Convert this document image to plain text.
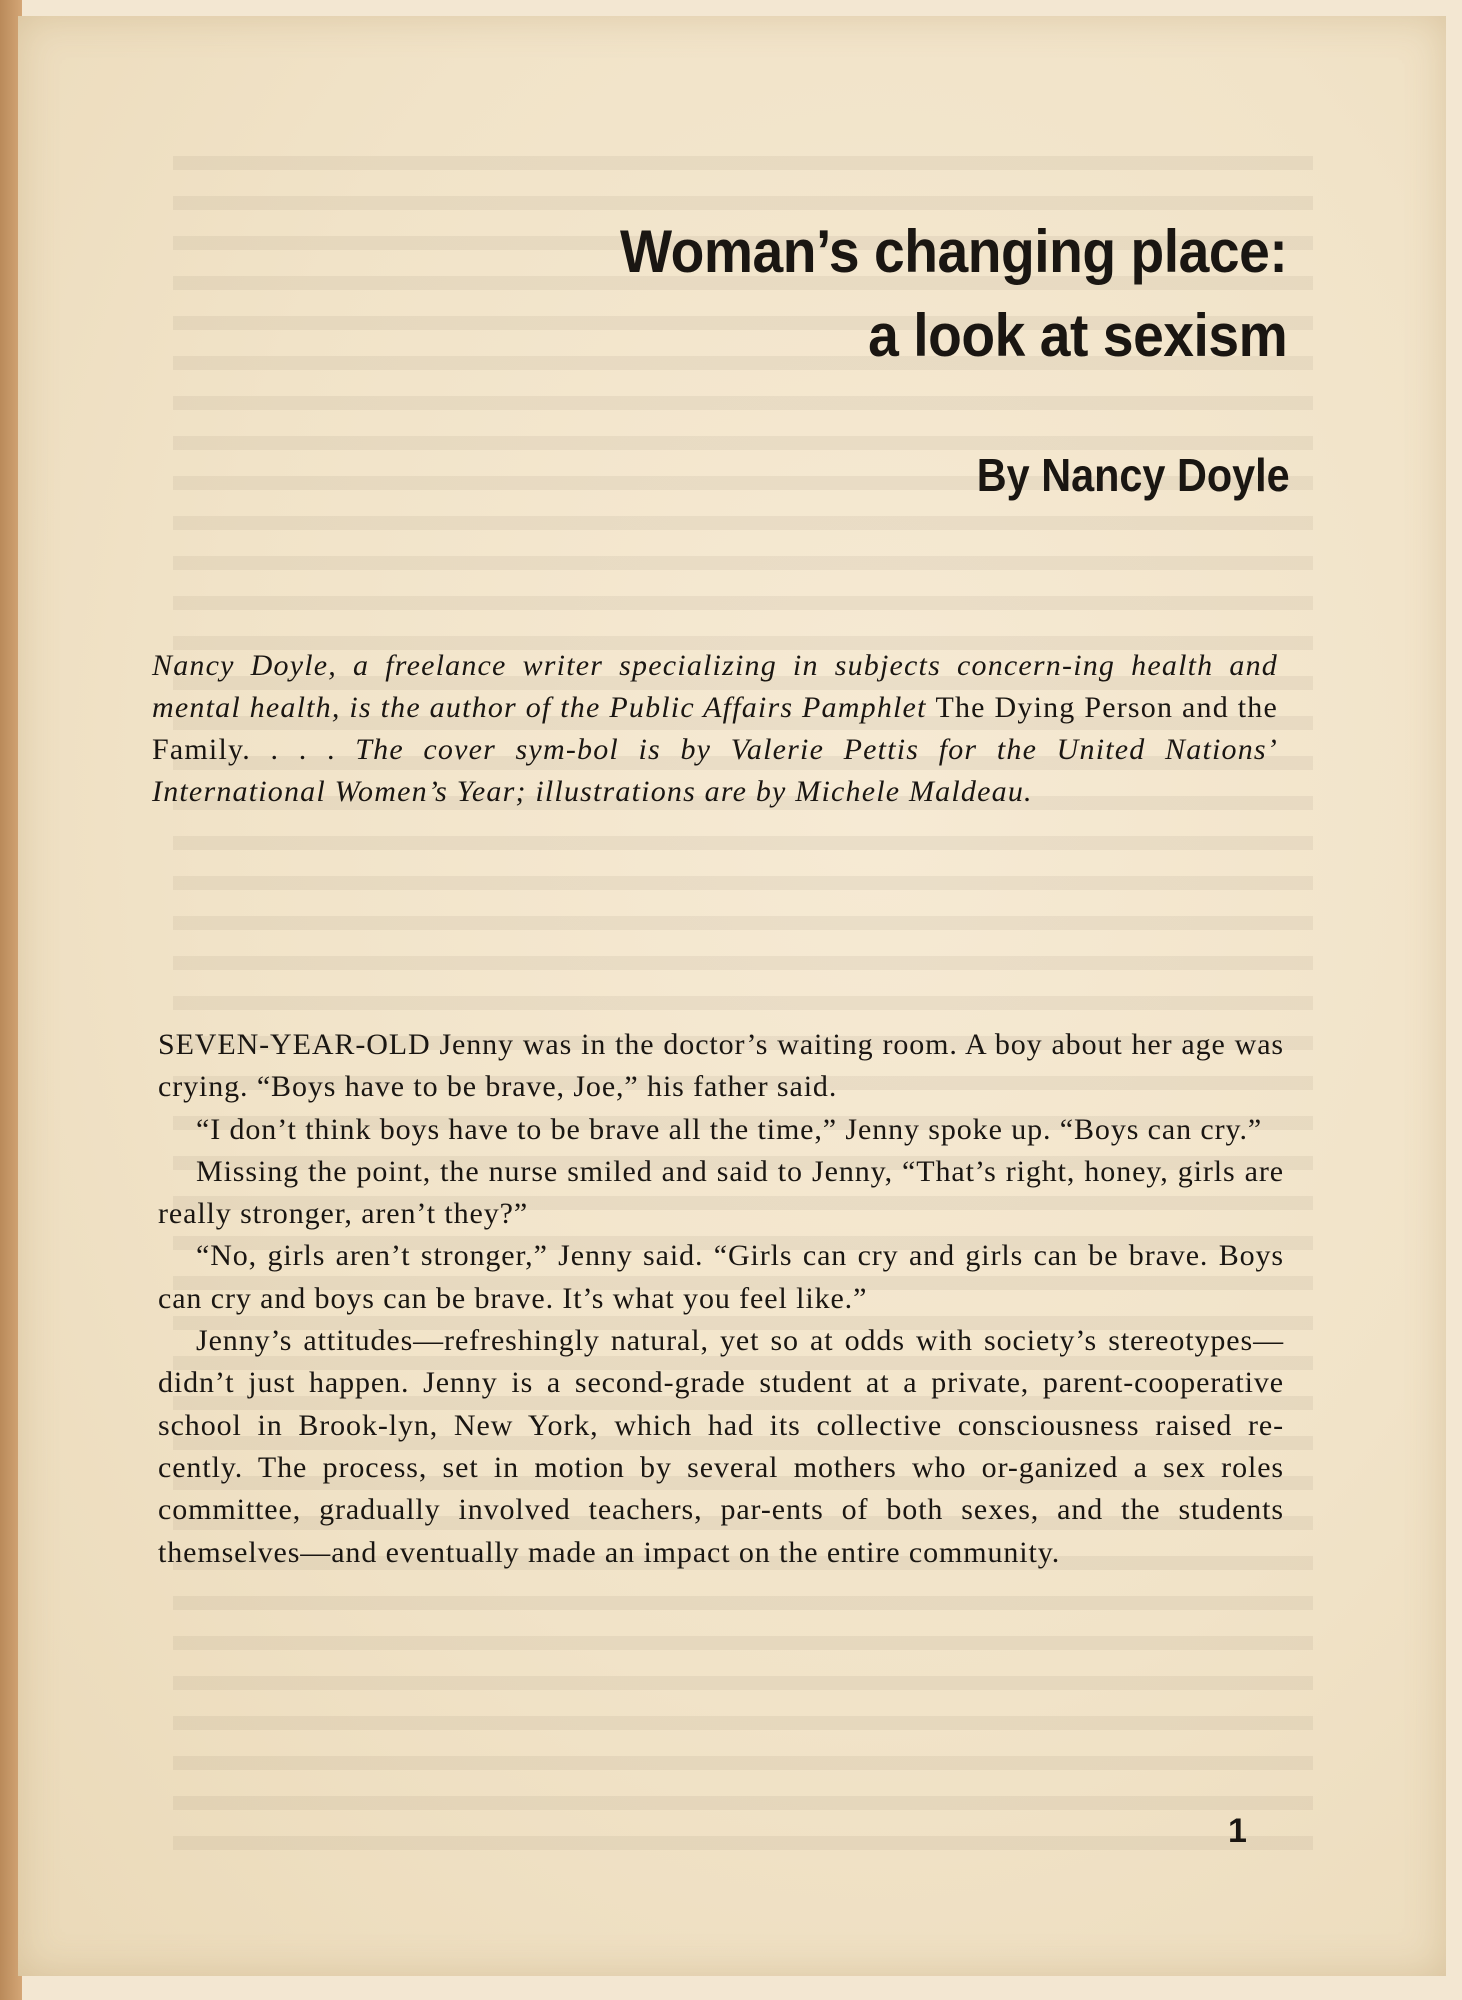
Woman’s changing place:
a look at sexism
By Nancy Doyle
Nancy Doyle, a freelance writer specializing in subjects concern-ing health and mental health, is the author of the Public Affairs Pamphlet The Dying Person and the Family. . . . The cover sym-bol is by Valerie Pettis for the United Nations’ International Women’s Year; illustrations are by Michele Maldeau.

SEVEN-YEAR-OLD Jenny was in the doctor’s waiting room. A boy about her age was crying. “Boys have to be brave, Joe,” his father said.

“I don’t think boys have to be brave all the time,” Jenny spoke up. “Boys can cry.”

Missing the point, the nurse smiled and said to Jenny, “That’s right, honey, girls are really stronger, aren’t they?”

“No, girls aren’t stronger,” Jenny said. “Girls can cry and girls can be brave. Boys can cry and boys can be brave. It’s what you feel like.”

Jenny’s attitudes—refreshingly natural, yet so at odds with society’s stereotypes—didn’t just happen. Jenny is a second-grade student at a private, parent-cooperative school in Brook-lyn, New York, which had its collective consciousness raised re-cently. The process, set in motion by several mothers who or-ganized a sex roles committee, gradually involved teachers, par-ents of both sexes, and the students themselves—and eventually made an impact on the entire community.

1
